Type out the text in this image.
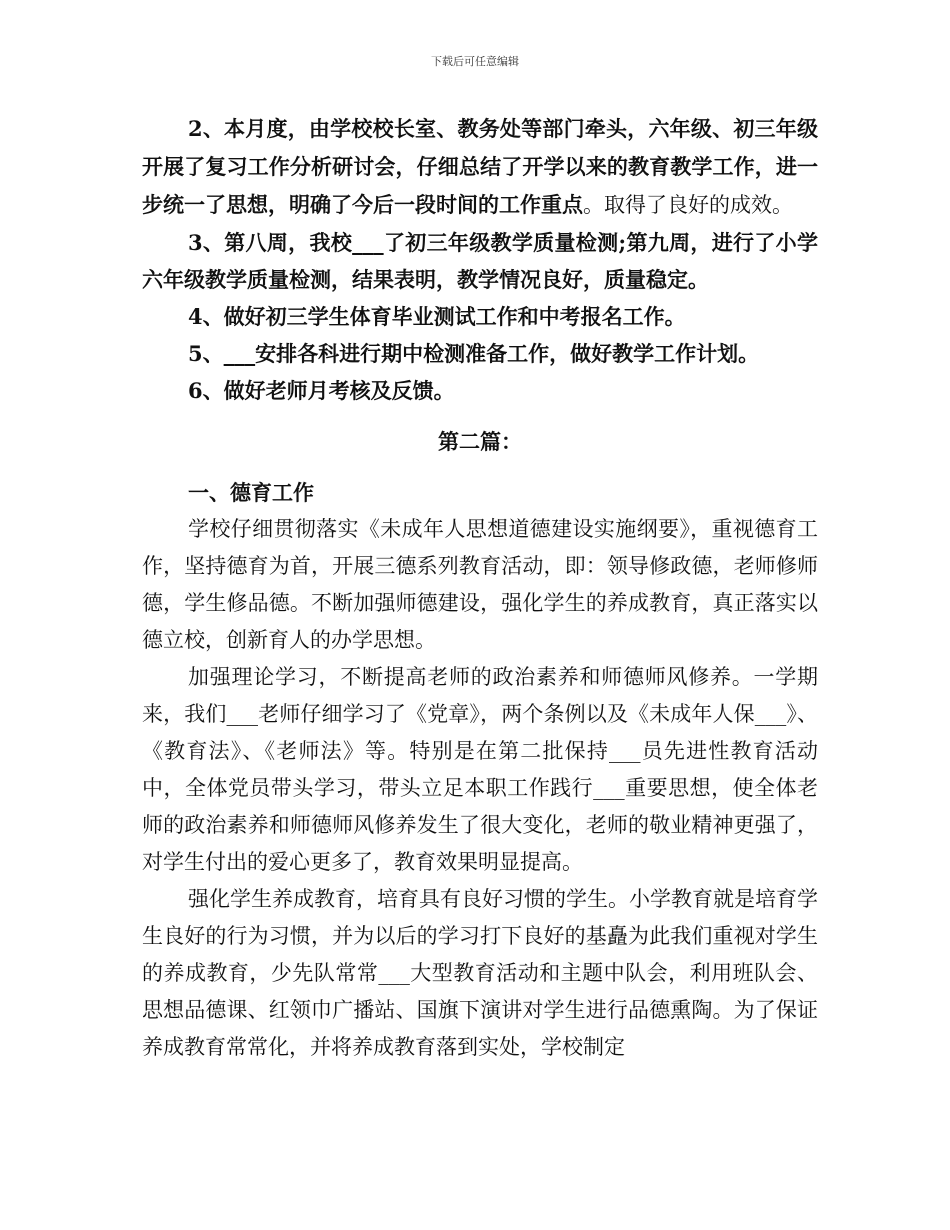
下载后可任意编辑

2、本月度，由学校校长室、教务处等部门牵头，六年级、初三年级开展了复习工作分析研讨会，仔细总结了开学以来的教育教学工作，进一步统一了思想，明确了今后一段时间的工作重点。取得了良好的成效。

3、第八周，我校___了初三年级教学质量检测;第九周，进行了小学六年级教学质量检测，结果表明，教学情况良好，质量稳定。

4、做好初三学生体育毕业测试工作和中考报名工作。

5、___安排各科进行期中检测准备工作，做好教学工作计划。

6、做好老师月考核及反馈。

第二篇：

一、德育工作

学校仔细贯彻落实《未成年人思想道德建设实施纲要》，重视德育工作，坚持德育为首，开展三德系列教育活动，即：领导修政德，老师修师德，学生修品德。不断加强师德建设，强化学生的养成教育，真正落实以德立校，创新育人的办学思想。

加强理论学习，不断提高老师的政治素养和师德师风修养。一学期来，我们___老师仔细学习了《党章》，两个条例以及《未成年人保___》、《教育法》、《老师法》等。特别是在第二批保持___员先进性教育活动中，全体党员带头学习，带头立足本职工作践行___重要思想，使全体老师的政治素养和师德师风修养发生了很大变化，老师的敬业精神更强了，对学生付出的爱心更多了，教育效果明显提高。

强化学生养成教育，培育具有良好习惯的学生。小学教育就是培育学生良好的行为习惯，并为以后的学习打下良好的基矗为此我们重视对学生的养成教育，少先队常常___大型教育活动和主题中队会，利用班队会、思想品德课、红领巾广播站、国旗下演讲对学生进行品德熏陶。为了保证养成教育常常化，并将养成教育落到实处，学校制定
